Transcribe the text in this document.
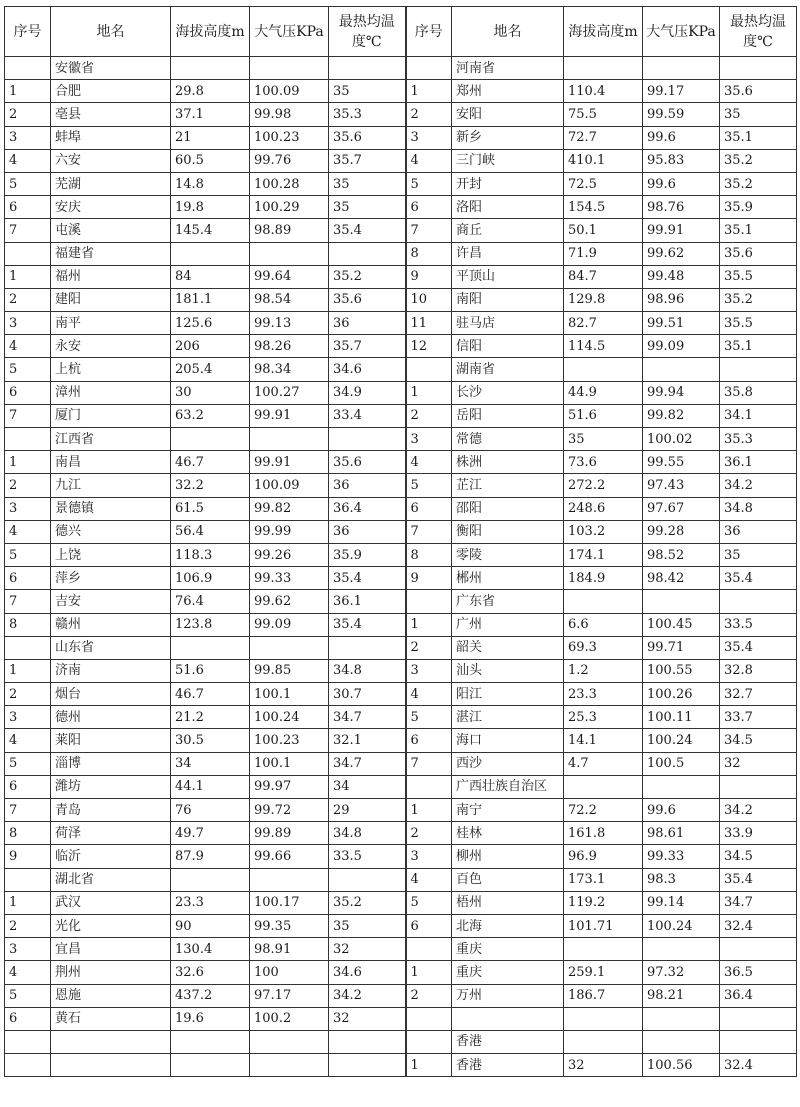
序号	地名	海拔高度m	大气压KPa	最热均温度℃	序号	地名	海拔高度m	大气压KPa	最热均温度℃
	安徽省					河南省			
1	合肥	29.8	100.09	35	1	郑州	110.4	99.17	35.6
2	亳县	37.1	99.98	35.3	2	安阳	75.5	99.59	35
3	蚌埠	21	100.23	35.6	3	新乡	72.7	99.6	35.1
4	六安	60.5	99.76	35.7	4	三门峡	410.1	95.83	35.2
5	芜湖	14.8	100.28	35	5	开封	72.5	99.6	35.2
6	安庆	19.8	100.29	35	6	洛阳	154.5	98.76	35.9
7	屯溪	145.4	98.89	35.4	7	商丘	50.1	99.91	35.1
	福建省				8	许昌	71.9	99.62	35.6
1	福州	84	99.64	35.2	9	平顶山	84.7	99.48	35.5
2	建阳	181.1	98.54	35.6	10	南阳	129.8	98.96	35.2
3	南平	125.6	99.13	36	11	驻马店	82.7	99.51	35.5
4	永安	206	98.26	35.7	12	信阳	114.5	99.09	35.1
5	上杭	205.4	98.34	34.6		湖南省			
6	漳州	30	100.27	34.9	1	长沙	44.9	99.94	35.8
7	厦门	63.2	99.91	33.4	2	岳阳	51.6	99.82	34.1
	江西省				3	常德	35	100.02	35.3
1	南昌	46.7	99.91	35.6	4	株洲	73.6	99.55	36.1
2	九江	32.2	100.09	36	5	芷江	272.2	97.43	34.2
3	景德镇	61.5	99.82	36.4	6	邵阳	248.6	97.67	34.8
4	德兴	56.4	99.99	36	7	衡阳	103.2	99.28	36
5	上饶	118.3	99.26	35.9	8	零陵	174.1	98.52	35
6	萍乡	106.9	99.33	35.4	9	郴州	184.9	98.42	35.4
7	吉安	76.4	99.62	36.1		广东省			
8	赣州	123.8	99.09	35.4	1	广州	6.6	100.45	33.5
	山东省				2	韶关	69.3	99.71	35.4
1	济南	51.6	99.85	34.8	3	汕头	1.2	100.55	32.8
2	烟台	46.7	100.1	30.7	4	阳江	23.3	100.26	32.7
3	德州	21.2	100.24	34.7	5	湛江	25.3	100.11	33.7
4	莱阳	30.5	100.23	32.1	6	海口	14.1	100.24	34.5
5	淄博	34	100.1	34.7	7	西沙	4.7	100.5	32
6	潍坊	44.1	99.97	34		广西壮族自治区			
7	青岛	76	99.72	29	1	南宁	72.2	99.6	34.2
8	荷泽	49.7	99.89	34.8	2	桂林	161.8	98.61	33.9
9	临沂	87.9	99.66	33.5	3	柳州	96.9	99.33	34.5
	湖北省				4	百色	173.1	98.3	35.4
1	武汉	23.3	100.17	35.2	5	梧州	119.2	99.14	34.7
2	光化	90	99.35	35	6	北海	101.71	100.24	32.4
3	宜昌	130.4	98.91	32		重庆			
4	荆州	32.6	100	34.6	1	重庆	259.1	97.32	36.5
5	恩施	437.2	97.17	34.2	2	万州	186.7	98.21	36.4
6	黄石	19.6	100.2	32					
						香港			
					1	香港	32	100.56	32.4
